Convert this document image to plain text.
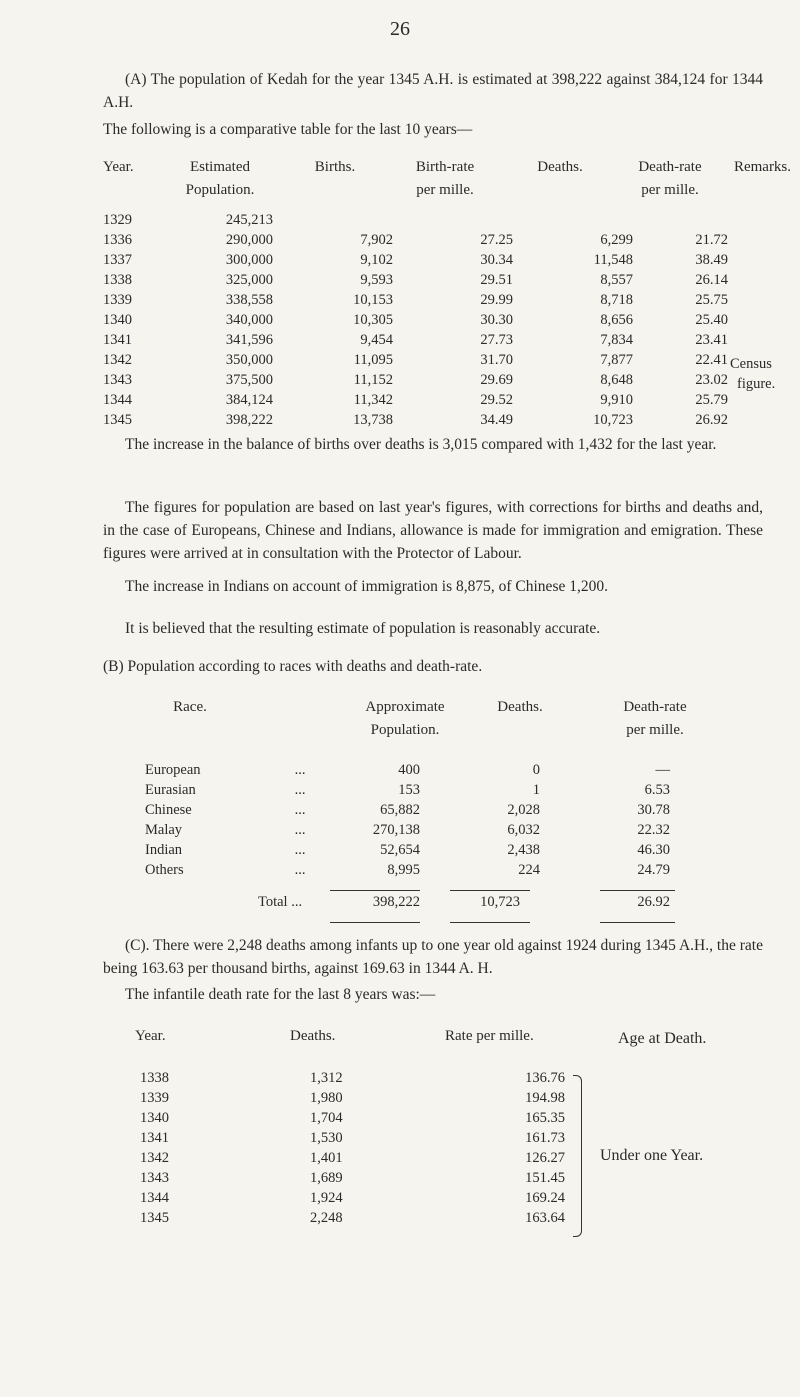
26
(A) The population of Kedah for the year 1345 A.H. is estimated at 398,222 against 384,124 for 1344 A.H.
The following is a comparative table for the last 10 years—
Year.	Estimated
Population.
Births.	Birth-rate
per mille.
Deaths.	Death-rate
per mille.
Remarks.
1329	245,213				
1336	290,000	7,902	27.25	6,299	21.72
1337	300,000	9,102	30.34	11,548	38.49
1338	325,000	9,593	29.51	8,557	26.14
1339	338,558	10,153	29.99	8,718	25.75
1340	340,000	10,305	30.30	8,656	25.40
1341	341,596	9,454	27.73	7,834	23.41
1342	350,000	11,095	31.70	7,877	22.41
1343	375,500	11,152	29.69	8,648	23.02
1344	384,124	11,342	29.52	9,910	25.79
1345	398,222	13,738	34.49	10,723	26.92
Census
figure.
The increase in the balance of births over deaths is 3,015 compared with 1,432 for the last year.
The figures for population are based on last year's figures, with corrections for births and deaths and, in the case of Europeans, Chinese and Indians, allowance is made for immigration and emigration. These figures were arrived at in consultation with the Protector of Labour.
The increase in Indians on account of immigration is 8,875, of Chinese 1,200.
It is believed that the resulting estimate of population is reasonably accurate.
(B) Population according to races with deaths and death-rate.
Race.	Approximate
Population.
Deaths.	Death-rate
per mille.
European	...	400	0	—
Eurasian	...	153	1	6.53
Chinese	...	65,882	2,028	30.78
Malay	...	270,138	6,032	22.32
Indian	...	52,654	2,438	46.30
Others	...	8,995	224	24.79
Total ...	398,222	10,723	26.92
(C). There were 2,248 deaths among infants up to one year old against 1924 during 1345 A.H., the rate being 163.63 per thousand births, against 169.63 in 1344 A. H.
The infantile death rate for the last 8 years was:—
Year.	Deaths.	Rate per mille.	Age at Death.
1338	1,312	136.76
1339	1,980	194.98
1340	1,704	165.35
1341	1,530	161.73
1342	1,401	126.27
1343	1,689	151.45
1344	1,924	169.24
1345	2,248	163.64
Under one Year.
